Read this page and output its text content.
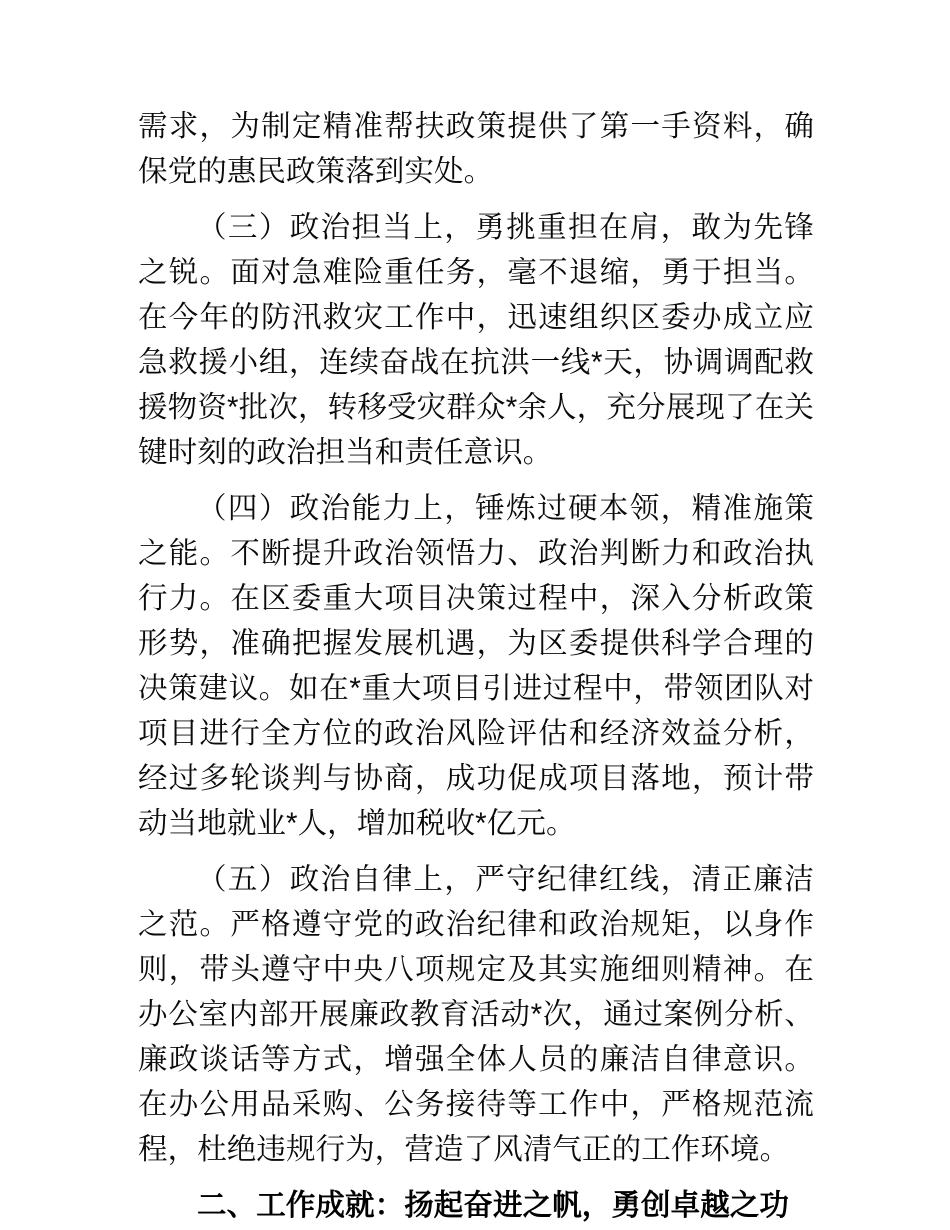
需求，为制定精准帮扶政策提供了第一手资料，确保党的惠民政策落到实处。

（三）政治担当上，勇挑重担在肩，敢为先锋之锐。面对急难险重任务，毫不退缩，勇于担当。在今年的防汛救灾工作中，迅速组织区委办成立应急救援小组，连续奋战在抗洪一线*天，协调调配救援物资*批次，转移受灾群众*余人，充分展现了在关键时刻的政治担当和责任意识。

（四）政治能力上，锤炼过硬本领，精准施策之能。不断提升政治领悟力、政治判断力和政治执行力。在区委重大项目决策过程中，深入分析政策形势，准确把握发展机遇，为区委提供科学合理的决策建议。如在*重大项目引进过程中，带领团队对项目进行全方位的政治风险评估和经济效益分析，经过多轮谈判与协商，成功促成项目落地，预计带动当地就业*人，增加税收*亿元。

（五）政治自律上，严守纪律红线，清正廉洁之范。严格遵守党的政治纪律和政治规矩，以身作则，带头遵守中央八项规定及其实施细则精神。在办公室内部开展廉政教育活动*次，通过案例分析、廉政谈话等方式，增强全体人员的廉洁自律意识。在办公用品采购、公务接待等工作中，严格规范流程，杜绝违规行为，营造了风清气正的工作环境。

二、工作成就：扬起奋进之帆，勇创卓越之功
